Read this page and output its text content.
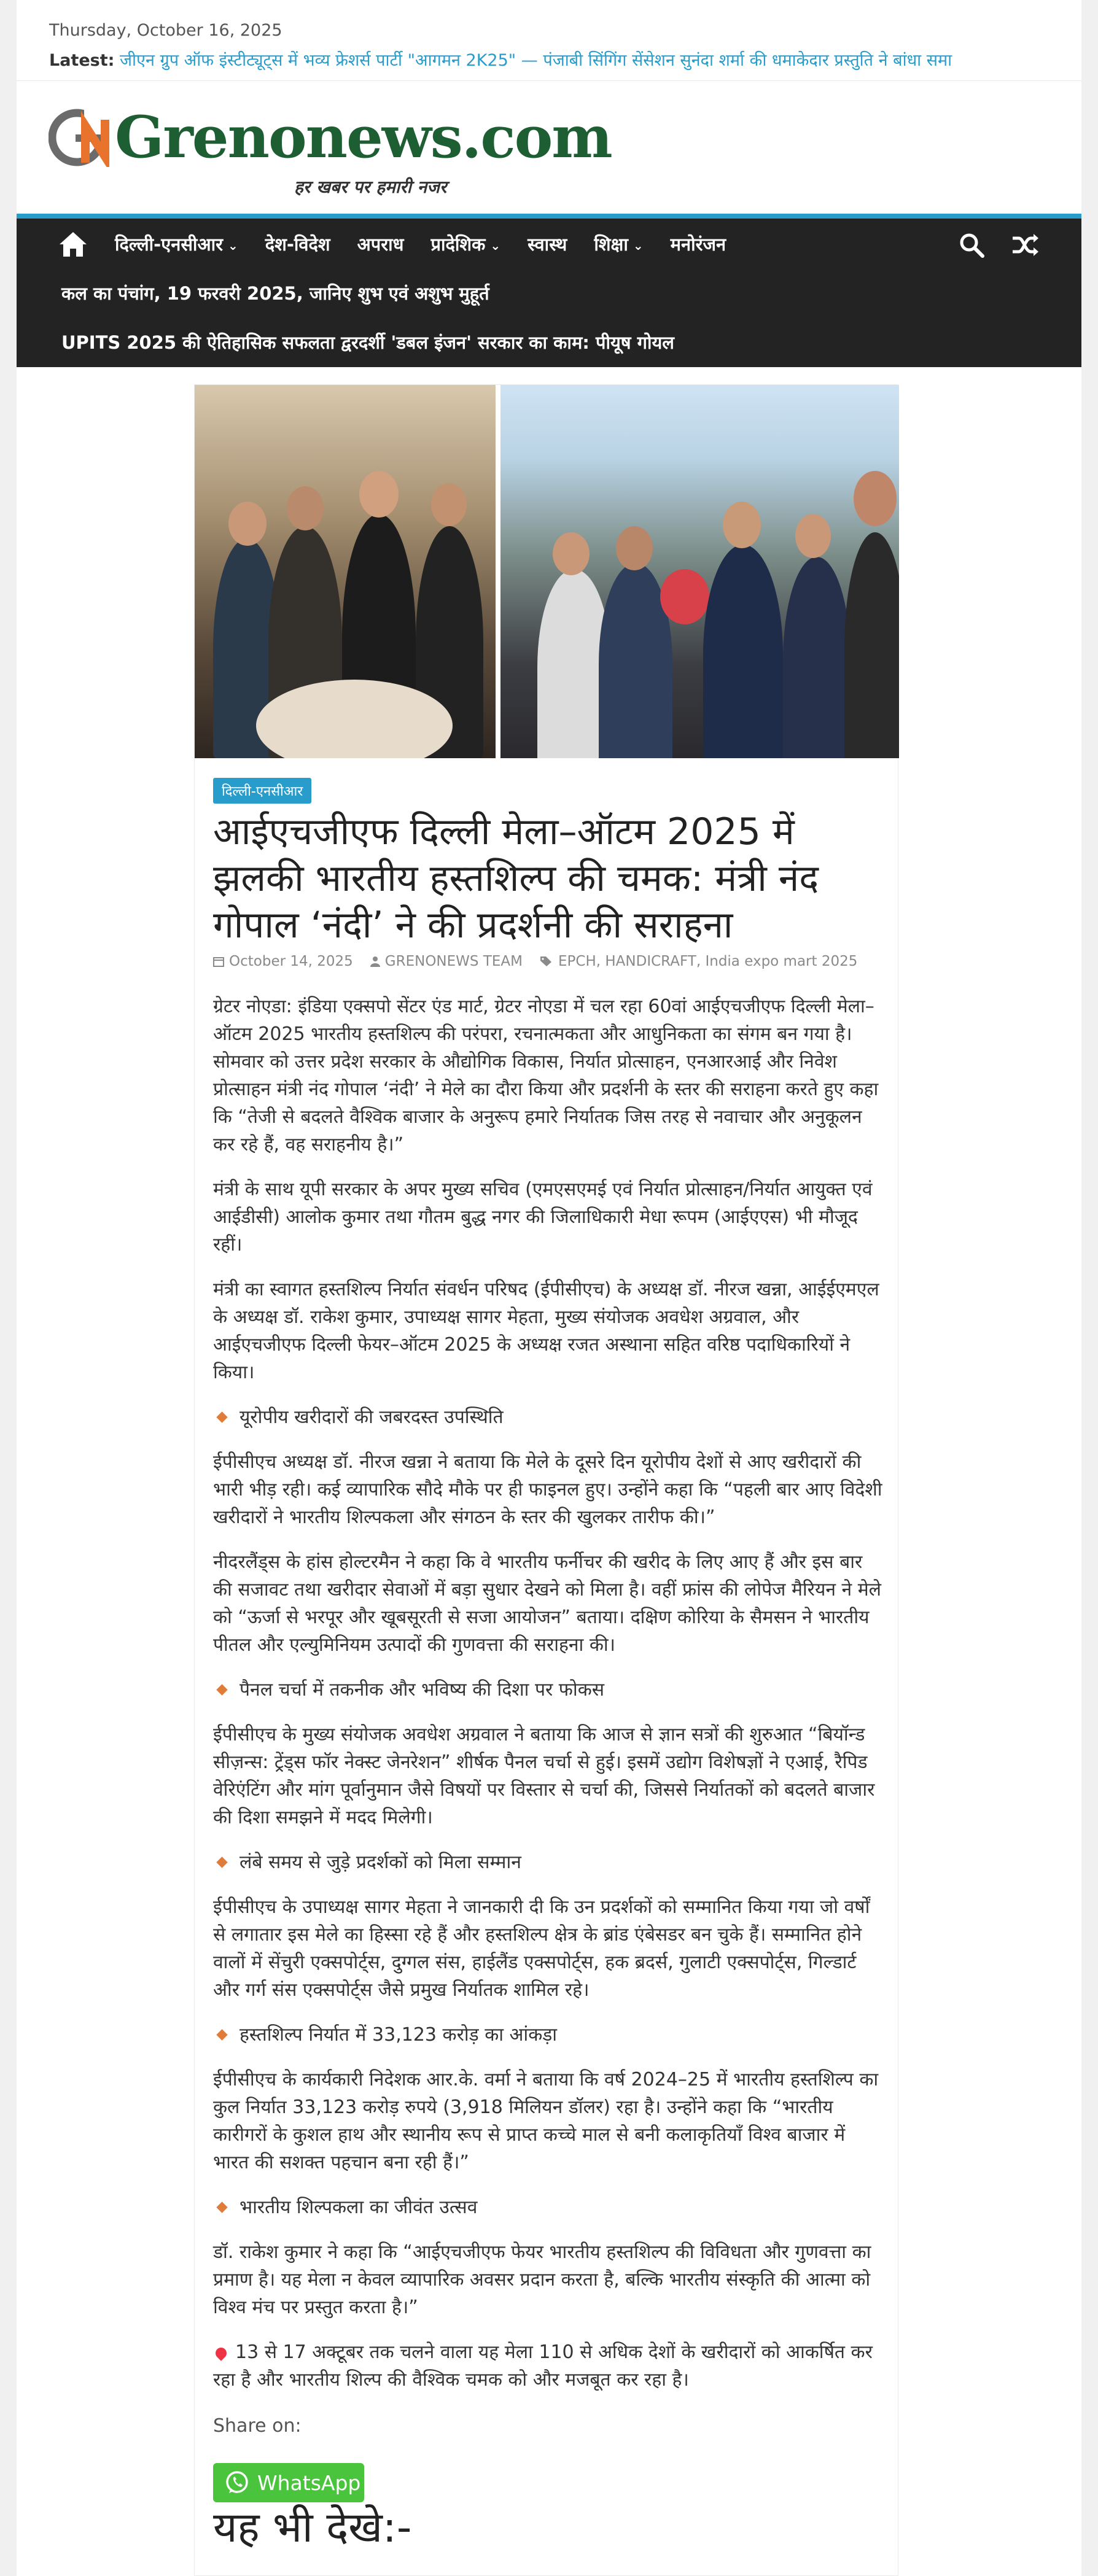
Thursday, October 16, 2025
Latest: जीएन ग्रुप ऑफ इंस्टीट्यूट्स में भव्य फ्रेशर्स पार्टी "आगमन 2K25" — पंजाबी सिंगिंग सेंसेशन सुनंदा शर्मा की धमाकेदार प्रस्तुति ने बांधा समा
Grenonews.com
हर खबर पर हमारी नजर
दिल्ली-एनसीआर ⌄ देश-विदेश अपराध प्रादेशिक ⌄ स्वास्थ शिक्षा ⌄ मनोरंजन
कल का पंचांग, 19 फरवरी 2025, जानिए शुभ एवं अशुभ मुहूर्त
UPITS 2025 की ऐतिहासिक सफलता द्वरदर्शी 'डबल इंजन' सरकार का काम: पीयूष गोयल
दिल्ली-एनसीआर
आईएचजीएफ दिल्ली मेला–ऑटम 2025 में झलकी भारतीय हस्तशिल्प की चमक: मंत्री नंद गोपाल ‘नंदी’ ने की प्रदर्शनी की सराहना
October 14, 2025 GRENONEWS TEAM	EPCH , HANDICRAFT , India expo mart 2025

ग्रेटर नोएडा: इंडिया एक्सपो सेंटर एंड मार्ट, ग्रेटर नोएडा में चल रहा 60वां आईएचजीएफ दिल्ली मेला–ऑटम 2025 भारतीय हस्तशिल्प की परंपरा, रचनात्मकता और आधुनिकता का संगम बन गया है। सोमवार को उत्तर प्रदेश सरकार के औद्योगिक विकास, निर्यात प्रोत्साहन, एनआरआई और निवेश प्रोत्साहन मंत्री नंद गोपाल ‘नंदी’ ने मेले का दौरा किया और प्रदर्शनी के स्तर की सराहना करते हुए कहा कि “तेजी से बदलते वैश्विक बाजार के अनुरूप हमारे निर्यातक जिस तरह से नवाचार और अनुकूलन कर रहे हैं, वह सराहनीय है।”

मंत्री के साथ यूपी सरकार के अपर मुख्य सचिव (एमएसएमई एवं निर्यात प्रोत्साहन/निर्यात आयुक्त एवं आईडीसी) आलोक कुमार तथा गौतम बुद्ध नगर की जिलाधिकारी मेधा रूपम (आईएएस) भी मौजूद रहीं।

मंत्री का स्वागत हस्तशिल्प निर्यात संवर्धन परिषद (ईपीसीएच) के अध्यक्ष डॉ. नीरज खन्ना, आईईएमएल के अध्यक्ष डॉ. राकेश कुमार, उपाध्यक्ष सागर मेहता, मुख्य संयोजक अवधेश अग्रवाल, और आईएचजीएफ दिल्ली फेयर–ऑटम 2025 के अध्यक्ष रजत अस्थाना सहित वरिष्ठ पदाधिकारियों ने किया।

यूरोपीय खरीदारों की जबरदस्त उपस्थिति

ईपीसीएच अध्यक्ष डॉ. नीरज खन्ना ने बताया कि मेले के दूसरे दिन यूरोपीय देशों से आए खरीदारों की भारी भीड़ रही। कई व्यापारिक सौदे मौके पर ही फाइनल हुए। उन्होंने कहा कि “पहली बार आए विदेशी खरीदारों ने भारतीय शिल्पकला और संगठन के स्तर की खुलकर तारीफ की।”

नीदरलैंड्स के हांस होल्टरमैन ने कहा कि वे भारतीय फर्नीचर की खरीद के लिए आए हैं और इस बार की सजावट तथा खरीदार सेवाओं में बड़ा सुधार देखने को मिला है। वहीं फ्रांस की लोपेज मैरियन ने मेले को “ऊर्जा से भरपूर और खूबसूरती से सजा आयोजन” बताया। दक्षिण कोरिया के सैमसन ने भारतीय पीतल और एल्युमिनियम उत्पादों की गुणवत्ता की सराहना की।

पैनल चर्चा में तकनीक और भविष्य की दिशा पर फोकस

ईपीसीएच के मुख्य संयोजक अवधेश अग्रवाल ने बताया कि आज से ज्ञान सत्रों की शुरुआत “बियॉन्ड सीज़न्स: ट्रेंड्स फॉर नेक्स्ट जेनरेशन” शीर्षक पैनल चर्चा से हुई। इसमें उद्योग विशेषज्ञों ने एआई, रैपिड वेरिएंटिंग और मांग पूर्वानुमान जैसे विषयों पर विस्तार से चर्चा की, जिससे निर्यातकों को बदलते बाजार की दिशा समझने में मदद मिलेगी।

लंबे समय से जुड़े प्रदर्शकों को मिला सम्मान

ईपीसीएच के उपाध्यक्ष सागर मेहता ने जानकारी दी कि उन प्रदर्शकों को सम्मानित किया गया जो वर्षों से लगातार इस मेले का हिस्सा रहे हैं और हस्तशिल्प क्षेत्र के ब्रांड एंबेसडर बन चुके हैं। सम्मानित होने वालों में सेंचुरी एक्सपोर्ट्स, दुग्गल संस, हाईलैंड एक्सपोर्ट्स, हक ब्रदर्स, गुलाटी एक्सपोर्ट्स, गिल्डार्ट और गर्ग संस एक्सपोर्ट्स जैसे प्रमुख निर्यातक शामिल रहे।

हस्तशिल्प निर्यात में 33,123 करोड़ का आंकड़ा

ईपीसीएच के कार्यकारी निदेशक आर.के. वर्मा ने बताया कि वर्ष 2024–25 में भारतीय हस्तशिल्प का कुल निर्यात 33,123 करोड़ रुपये (3,918 मिलियन डॉलर) रहा है। उन्होंने कहा कि “भारतीय कारीगरों के कुशल हाथ और स्थानीय रूप से प्राप्त कच्चे माल से बनी कलाकृतियाँ विश्व बाजार में भारत की सशक्त पहचान बना रही हैं।”

भारतीय शिल्पकला का जीवंत उत्सव

डॉ. राकेश कुमार ने कहा कि “आईएचजीएफ फेयर भारतीय हस्तशिल्प की विविधता और गुणवत्ता का प्रमाण है। यह मेला न केवल व्यापारिक अवसर प्रदान करता है, बल्कि भारतीय संस्कृति की आत्मा को विश्व मंच पर प्रस्तुत करता है।”

13 से 17 अक्टूबर तक चलने वाला यह मेला 110 से अधिक देशों के खरीदारों को आकर्षित कर रहा है और भारतीय शिल्प की वैश्विक चमक को और मजबूत कर रहा है।

Share on:
WhatsApp
यह भी देखे:-
